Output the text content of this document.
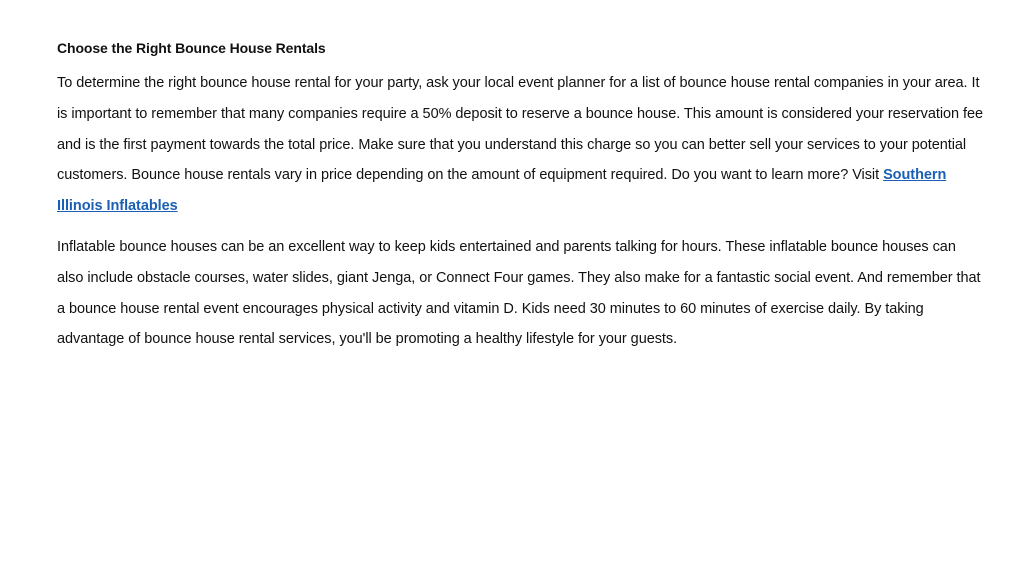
Choose the Right Bounce House Rentals

To determine the right bounce house rental for your party, ask your local event planner for a list of bounce house rental companies in your area. It is important to remember that many companies require a 50% deposit to reserve a bounce house. This amount is considered your reservation fee and is the first payment towards the total price. Make sure that you understand this charge so you can better sell your services to your potential customers. Bounce house rentals vary in price depending on the amount of equipment required. Do you want to learn more? Visit Southern Illinois Inflatables

Inflatable bounce houses can be an excellent way to keep kids entertained and parents talking for hours. These inflatable bounce houses can also include obstacle courses, water slides, giant Jenga, or Connect Four games. They also make for a fantastic social event. And remember that a bounce house rental event encourages physical activity and vitamin D. Kids need 30 minutes to 60 minutes of exercise daily. By taking advantage of bounce house rental services, you'll be promoting a healthy lifestyle for your guests.
